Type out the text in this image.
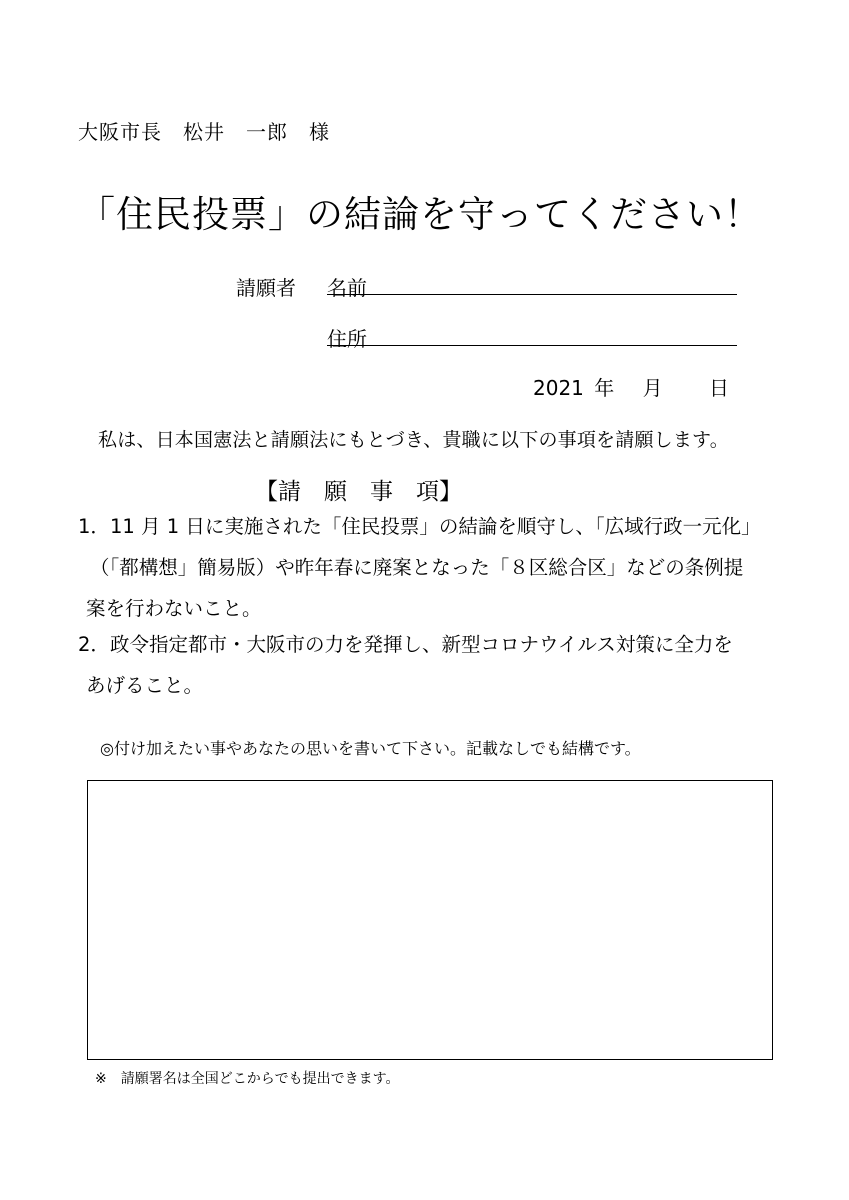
大阪市長　松井　一郎　様
「住民投票」の結論を守ってください！
請願者 名前
住所
2021 年 月 日
私は、日本国憲法と請願法にもとづき、貴職に以下の事項を請願します。
【請　願　事　項】
1． 11 月 1 日に実施された「住民投票」の結論を順守し、「広域行政一元化」
（「都構想」簡易版）や昨年春に廃案となった「８区総合区」などの条例提
案を行わないこと。
2． 政令指定都市・大阪市の力を発揮し、新型コロナウイルス対策に全力を
あげること。
◎付け加えたい事やあなたの思いを書いて下さい。記載なしでも結構です。
※　請願署名は全国どこからでも提出できます。
